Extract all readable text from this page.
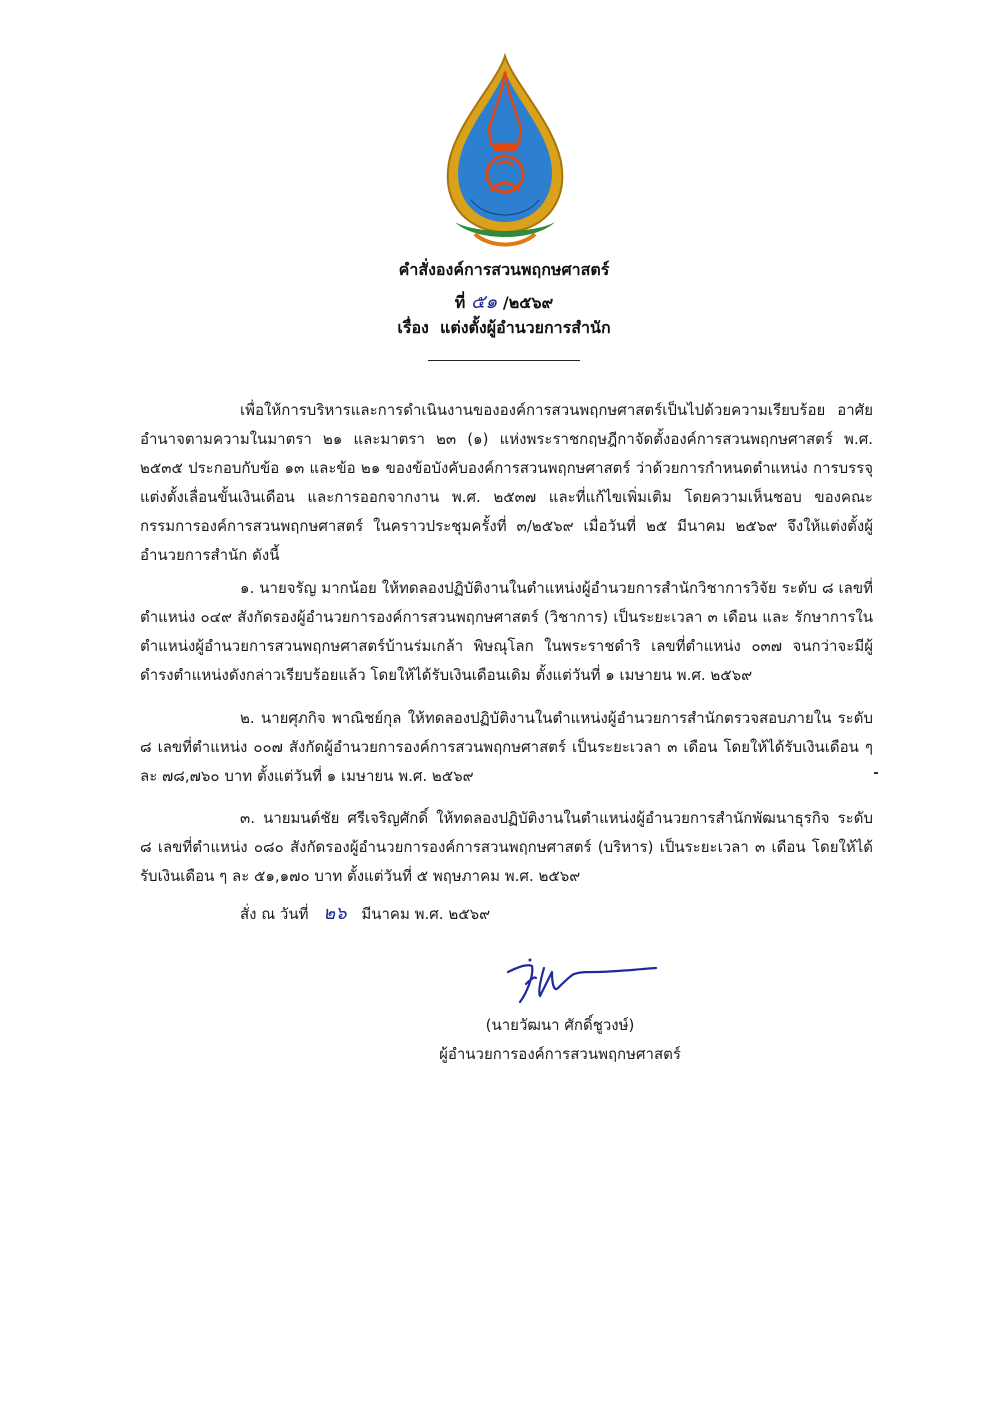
คำสั่งองค์การสวนพฤกษศาสตร์
ที่ ๕๑ /๒๕๖๙
เรื่อง แต่งตั้งผู้อำนวยการสำนัก
เพื่อให้การบริหารและการดำเนินงานขององค์การสวนพฤกษศาสตร์เป็นไปด้วยความเรียบร้อย อาศัยอำนาจตามความในมาตรา ๒๑ และมาตรา ๒๓ (๑) แห่งพระราชกฤษฎีกาจัดตั้งองค์การสวนพฤกษศาสตร์ พ.ศ. ๒๕๓๕ ประกอบกับข้อ ๑๓ และข้อ ๒๑ ของข้อบังคับองค์การสวนพฤกษศาสตร์ ว่าด้วยการกำหนดตำแหน่ง การบรรจุแต่งตั้งเลื่อนขั้นเงินเดือน และการออกจากงาน พ.ศ. ๒๕๓๗ และที่แก้ไขเพิ่มเติม โดยความเห็นชอบ ของคณะกรรมการองค์การสวนพฤกษศาสตร์ ในคราวประชุมครั้งที่ ๓/๒๕๖๙ เมื่อวันที่ ๒๕ มีนาคม ๒๕๖๙ จึงให้แต่งตั้งผู้อำนวยการสำนัก ดังนี้
๑. นายจรัญ มากน้อย ให้ทดลองปฏิบัติงานในตำแหน่งผู้อำนวยการสำนักวิชาการวิจัย ระดับ ๘ เลขที่ตำแหน่ง ๐๔๙ สังกัดรองผู้อำนวยการองค์การสวนพฤกษศาสตร์ (วิชาการ) เป็นระยะเวลา ๓ เดือน และ รักษาการในตำแหน่งผู้อำนวยการสวนพฤกษศาสตร์บ้านร่มเกล้า พิษณุโลก ในพระราชดำริ เลขที่ตำแหน่ง ๐๓๗ จนกว่าจะมีผู้ดำรงตำแหน่งดังกล่าวเรียบร้อยแล้ว โดยให้ได้รับเงินเดือนเดิม ตั้งแต่วันที่ ๑ เมษายน พ.ศ. ๒๕๖๙
๒. นายศุภกิจ พาณิชย์กุล ให้ทดลองปฏิบัติงานในตำแหน่งผู้อำนวยการสำนักตรวจสอบภายใน ระดับ ๘ เลขที่ตำแหน่ง ๐๐๗ สังกัดผู้อำนวยการองค์การสวนพฤกษศาสตร์ เป็นระยะเวลา ๓ เดือน โดยให้ได้รับเงินเดือน ๆ ละ ๗๘,๗๖๐ บาท ตั้งแต่วันที่ ๑ เมษายน พ.ศ. ๒๕๖๙
๓. นายมนต์ชัย ศรีเจริญศักดิ์ ให้ทดลองปฏิบัติงานในตำแหน่งผู้อำนวยการสำนักพัฒนาธุรกิจ ระดับ ๘ เลขที่ตำแหน่ง ๐๘๐ สังกัดรองผู้อำนวยการองค์การสวนพฤกษศาสตร์ (บริหาร) เป็นระยะเวลา ๓ เดือน โดยให้ได้รับเงินเดือน ๆ ละ ๕๑,๑๗๐ บาท ตั้งแต่วันที่ ๕ พฤษภาคม พ.ศ. ๒๕๖๙
สั่ง ณ วันที่ ๒๖ มีนาคม พ.ศ. ๒๕๖๙
(นายวัฒนา ศักดิ์ชูวงษ์)
ผู้อำนวยการองค์การสวนพฤกษศาสตร์
